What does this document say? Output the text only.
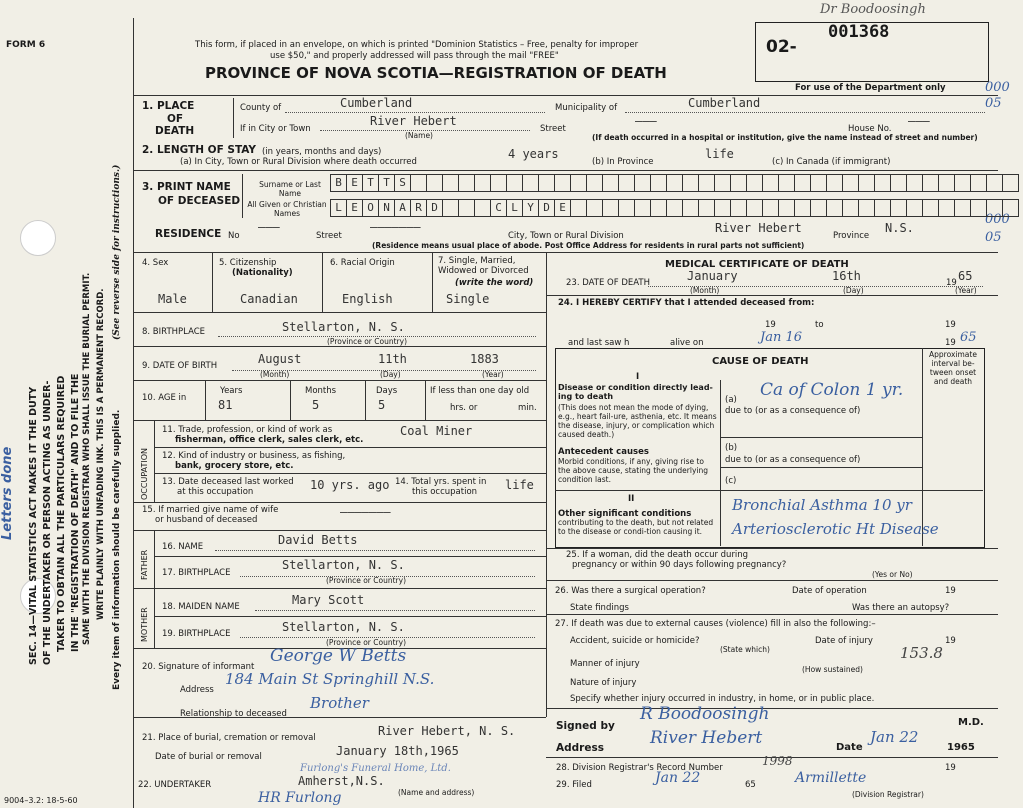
FORM 6
SEC. 14—VITAL STATISTICS ACT MAKES IT THE DUTY OF THE UNDERTAKER OR PERSON ACTING AS UNDER- TAKER TO OBTAIN ALL THE PARTICULARS REQUIRED IN THE "REGISTRATION OF DEATH" AND TO FILE THE SAME WITH THE DIVISION REGISTRAR WHO SHALL ISSUE THE BURIAL PERMIT. WRITE PLAINLY WITH UNFADING INK. THIS IS A PERMANENT RECORD.
(See reverse side for instructions.)
Every item of information should be carefully supplied.
Letters done
9004–3.2: 18-5-60
This form, if placed in an envelope, on which is printed "Dominion Statistics – Free, penalty for improper
use $50," and properly addressed will pass through the mail "FREE"
PROVINCE OF NOVA SCOTIA—REGISTRATION OF DEATH
Dr Boodoosingh
02-
001368
For use of the Department only	000
05
000
05
1. PLACE
OF
DEATH
County of	Cumberland	Municipality of	Cumberland
If in City or Town
River Hebert
(Name)
Street
———
House No.
———
(If death occurred in a hospital or institution, give the name instead of street and number)
2. LENGTH OF STAY (in years, months and days)
(a) In City, Town or Rural Division where death occurred
4 years
(b) In Province
life
(c) In Canada (if immigrant)
3. PRINT NAME
OF DECEASED
Surname or Last Name
All Given or Christian Names
B E T T S
L E O N A R D	C L Y D E
RESIDENCE No
———
Street
———————
City, Town or Rural Division
River Hebert
Province
N.S.
(Residence means usual place of abode. Post Office Address for residents in rural parts not sufficient)
4. Sex
Male
5. Citizenship
(Nationality)
Canadian
6. Racial Origin
English
7. Single, Married, Widowed or Divorced
(write the word)
Single
8. BIRTHPLACE	Stellarton, N. S.
(Province or Country)
9. DATE OF BIRTH	August	11th	1883
(Month)	(Day)	(Year)
10. AGE in
Years	Months	Days
81	5	5
If less than one day old
hrs. or	min.
OCCUPATION
11. Trade, profession, or kind of work as
fisherman, office clerk, sales clerk, etc.
Coal Miner
12. Kind of industry or business, as fishing,
bank, grocery store, etc.
13. Date deceased last worked
at this occupation	10 yrs. ago 14. Total yrs. spent in
this occupation life
15. If married give name of wife
or husband of deceased
———————
FATHER
16. NAME	David Betts
17. BIRTHPLACE
Stellarton, N. S.
(Province or Country)
MOTHER
18. MAIDEN NAME	Mary Scott
19. BIRTHPLACE	Stellarton, N. S.
(Province or Country)
20. Signature of informant
George W Betts
Address
184 Main St Springhill N.S.
Relationship to deceased
Brother
21. Place of burial, cremation or removal	River Hebert, N. S.
Date of burial or removal	January 18th,1965
Furlong's Funeral Home, Ltd.
22. UNDERTAKER	Amherst,N.S.
(Name and address)
HR Furlong
MEDICAL CERTIFICATE OF DEATH
23. DATE OF DEATH	January	16th	19 65
(Month)	(Day)	(Year)
24. I HEREBY CERTIFY that I attended deceased from:
19	to	19
and last saw h	alive on	Jan 16	19 65
CAUSE OF DEATH
Approximate interval be-tween onset and death
I
Disease or condition directly lead-ing to death
(This does not mean the mode of dying, e.g., heart fail-ure, asthenia, etc. It means the disease, injury, or complication which caused death.)
(a) Ca of Colon 1 yr.
due to (or as a consequence of)
Antecedent causes
Morbid conditions, if any, giving rise to the above cause, stating the underlying condition last.
(b)
due to (or as a consequence of)
(c)
II
Other significant conditions
contributing to the death, but not related to the disease or condi-tion causing it.
Bronchial Asthma 10 yr
Arteriosclerotic Ht Disease
25. If a woman, did the death occur during
pregnancy or within 90 days following pregnancy?
(Yes or No)
26. Was there a surgical operation?	Date of operation	19
State findings	Was there an autopsy?
27. If death was due to external causes (violence) fill in also the following:–
Accident, suicide or homicide?	Date of injury	19
(State which)
Manner of injury
153.8
(How sustained)
Nature of injury
Specify whether injury occurred in industry, in home, or in public place.
Signed by
R Boodoosingh	M.D.
Address	River Hebert	Date
Jan 22
1965
28. Division Registrar's Record Number	1998	19
29. Filed	Jan 22	65	Armillette
(Division Registrar)
